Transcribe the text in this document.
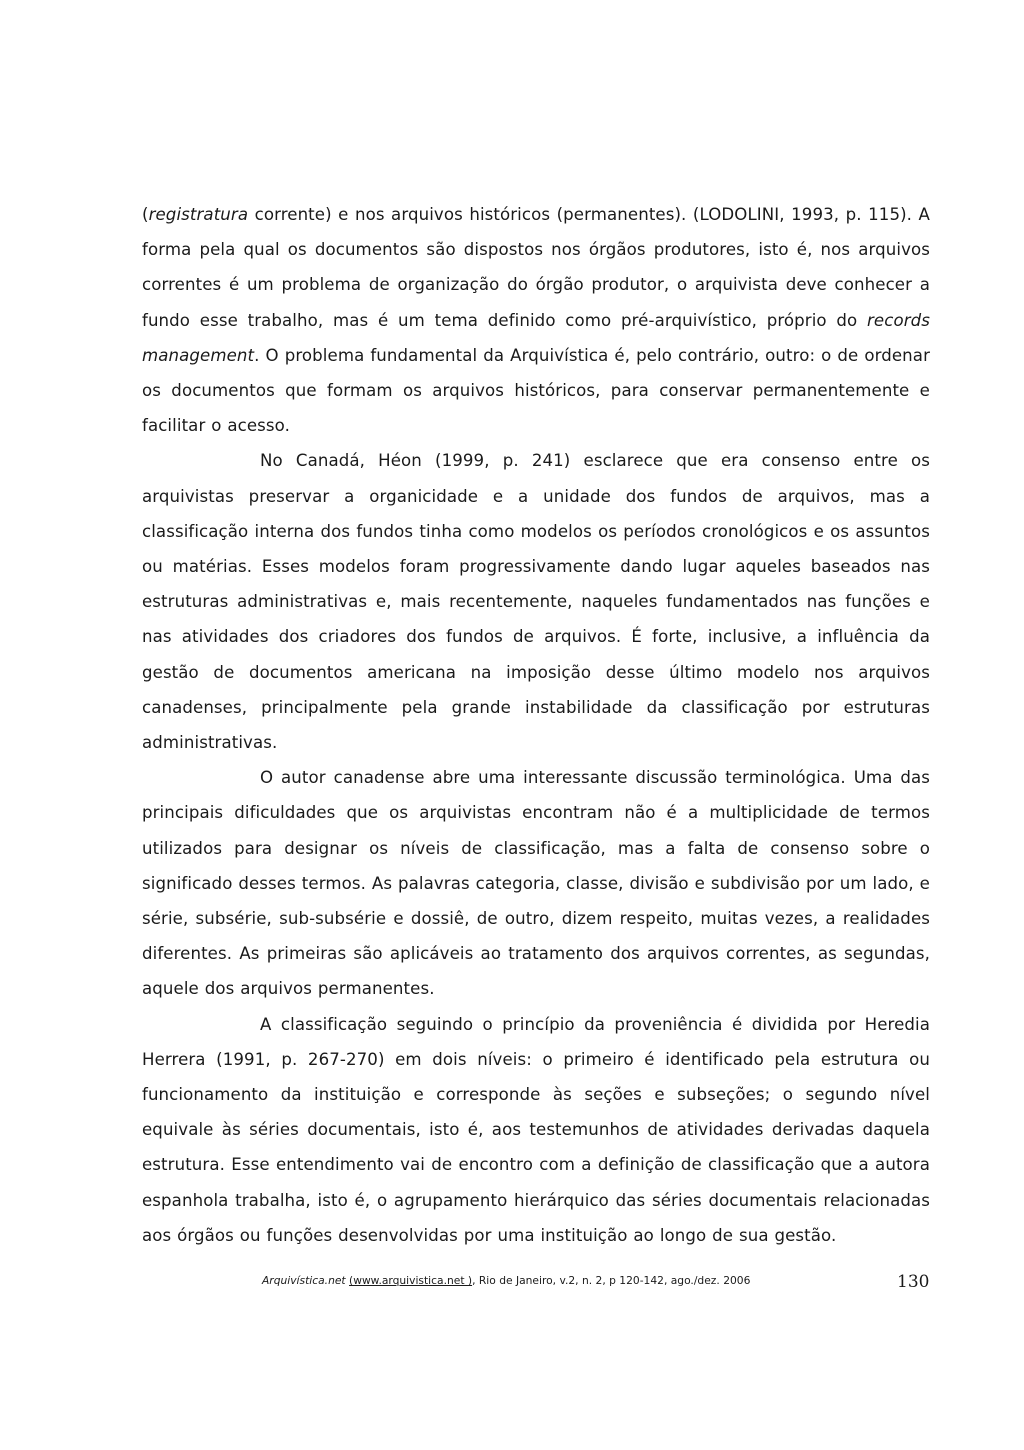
(registratura corrente) e nos arquivos históricos (permanentes). (LODOLINI, 1993, p. 115). A forma pela qual os documentos são dispostos nos órgãos produtores, isto é, nos arquivos correntes é um problema de organização do órgão produtor, o arquivista deve conhecer a fundo esse trabalho, mas é um tema definido como pré-arquivístico, próprio do records management. O problema fundamental da Arquivística é, pelo contrário, outro: o de ordenar os documentos que formam os arquivos históricos, para conservar permanentemente e facilitar o acesso.

No Canadá, Héon (1999, p. 241) esclarece que era consenso entre os arquivistas preservar a organicidade e a unidade dos fundos de arquivos, mas a classificação interna dos fundos tinha como modelos os períodos cronológicos e os assuntos ou matérias. Esses modelos foram progressivamente dando lugar aqueles baseados nas estruturas administrativas e, mais recentemente, naqueles fundamentados nas funções e nas atividades dos criadores dos fundos de arquivos. É forte, inclusive, a influência da gestão de documentos americana na imposição desse último modelo nos arquivos canadenses, principalmente pela grande instabilidade da classificação por estruturas administrativas.

O autor canadense abre uma interessante discussão terminológica. Uma das principais dificuldades que os arquivistas encontram não é a multiplicidade de termos utilizados para designar os níveis de classificação, mas a falta de consenso sobre o significado desses termos. As palavras categoria, classe, divisão e subdivisão por um lado, e série, subsérie, sub-subsérie e dossiê, de outro, dizem respeito, muitas vezes, a realidades diferentes. As primeiras são aplicáveis ao tratamento dos arquivos correntes, as segundas, aquele dos arquivos permanentes.

A classificação seguindo o princípio da proveniência é dividida por Heredia Herrera (1991, p. 267-270) em dois níveis: o primeiro é identificado pela estrutura ou funcionamento da instituição e corresponde às seções e subseções; o segundo nível equivale às séries documentais, isto é, aos testemunhos de atividades derivadas daquela estrutura. Esse entendimento vai de encontro com a definição de classificação que a autora espanhola trabalha, isto é, o agrupamento hierárquico das séries documentais relacionadas aos órgãos ou funções desenvolvidas por uma instituição ao longo de sua gestão.

Arquivística.net (www.arquivistica.net ), Rio de Janeiro, v.2, n. 2, p 120-142, ago./dez. 2006	130
